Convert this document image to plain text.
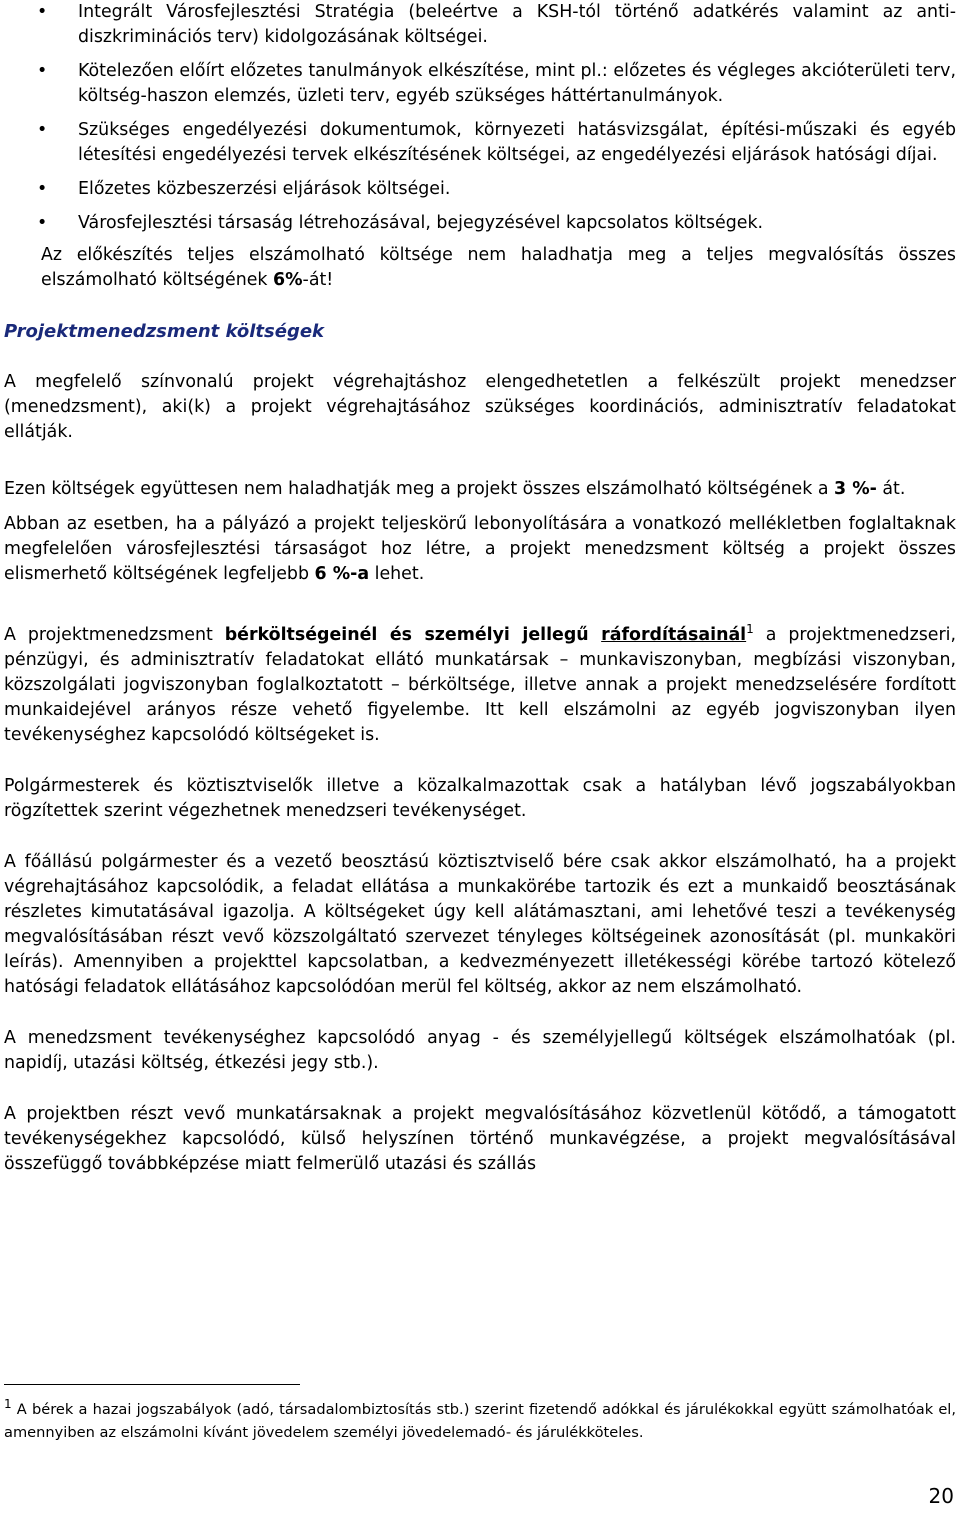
• Integrált Városfejlesztési Stratégia (beleértve a KSH-tól történő adatkérés valamint az anti-diszkriminációs terv) kidolgozásának költségei.
• Kötelezően előírt előzetes tanulmányok elkészítése, mint pl.: előzetes és végleges akcióterületi terv, költség-haszon elemzés, üzleti terv, egyéb szükséges háttértanulmányok.
• Szükséges engedélyezési dokumentumok, környezeti hatásvizsgálat, építési-műszaki és egyéb létesítési engedélyezési tervek elkészítésének költségei, az engedélyezési eljárások hatósági díjai.
• Előzetes közbeszerzési eljárások költségei.
• Városfejlesztési társaság létrehozásával, bejegyzésével kapcsolatos költségek.

Az előkészítés teljes elszámolható költsége nem haladhatja meg a teljes megvalósítás összes elszámolható költségének 6%-át!

Projektmenedzsment költségek

A megfelelő színvonalú projekt végrehajtáshoz elengedhetetlen a felkészült projekt menedzser (menedzsment), aki(k) a projekt végrehajtásához szükséges koordinációs, adminisztratív feladatokat ellátják.

Ezen költségek együttesen nem haladhatják meg a projekt összes elszámolható költségének a 3 %- át.

Abban az esetben, ha a pályázó a projekt teljeskörű lebonyolítására a vonatkozó mellékletben foglaltaknak megfelelően városfejlesztési társaságot hoz létre, a projekt menedzsment költség a projekt összes elismerhető költségének legfeljebb 6 %-a lehet.

A projektmenedzsment bérköltségeinél és személyi jellegű ráfordításainál$^1$ a projektmenedzseri, pénzügyi, és adminisztratív feladatokat ellátó munkatársak – munkaviszonyban, megbízási viszonyban, közszolgálati jogviszonyban foglalkoztatott – bérköltsége, illetve annak a projekt menedzselésére fordított munkaidejével arányos része vehető figyelembe. Itt kell elszámolni az egyéb jogviszonyban ilyen tevékenységhez kapcsolódó költségeket is.

Polgármesterek és köztisztviselők illetve a közalkalmazottak csak a hatályban lévő jogszabályokban rögzítettek szerint végezhetnek menedzseri tevékenységet.

A főállású polgármester és a vezető beosztású köztisztviselő bére csak akkor elszámolható, ha a projekt végrehajtásához kapcsolódik, a feladat ellátása a munkakörébe tartozik és ezt a munkaidő beosztásának részletes kimutatásával igazolja. A költségeket úgy kell alátámasztani, ami lehetővé teszi a tevékenység megvalósításában részt vevő közszolgáltató szervezet tényleges költségeinek azonosítását (pl. munkaköri leírás). Amennyiben a projekttel kapcsolatban, a kedvezményezett illetékességi körébe tartozó kötelező hatósági feladatok ellátásához kapcsolódóan merül fel költség, akkor az nem elszámolható.

A menedzsment tevékenységhez kapcsolódó anyag - és személyjellegű költségek elszámolhatóak (pl. napidíj, utazási költség, étkezési jegy stb.).

A projektben részt vevő munkatársaknak a projekt megvalósításához közvetlenül kötődő, a támogatott tevékenységekhez kapcsolódó, külső helyszínen történő munkavégzése, a projekt megvalósításával összefüggő továbbképzése miatt felmerülő utazási és szállás

$^1$ A bérek a hazai jogszabályok (adó, társadalombiztosítás stb.) szerint fizetendő adókkal és járulékokkal együtt számolhatóak el, amennyiben az elszámolni kívánt jövedelem személyi jövedelemadó- és járulékköteles.
20
